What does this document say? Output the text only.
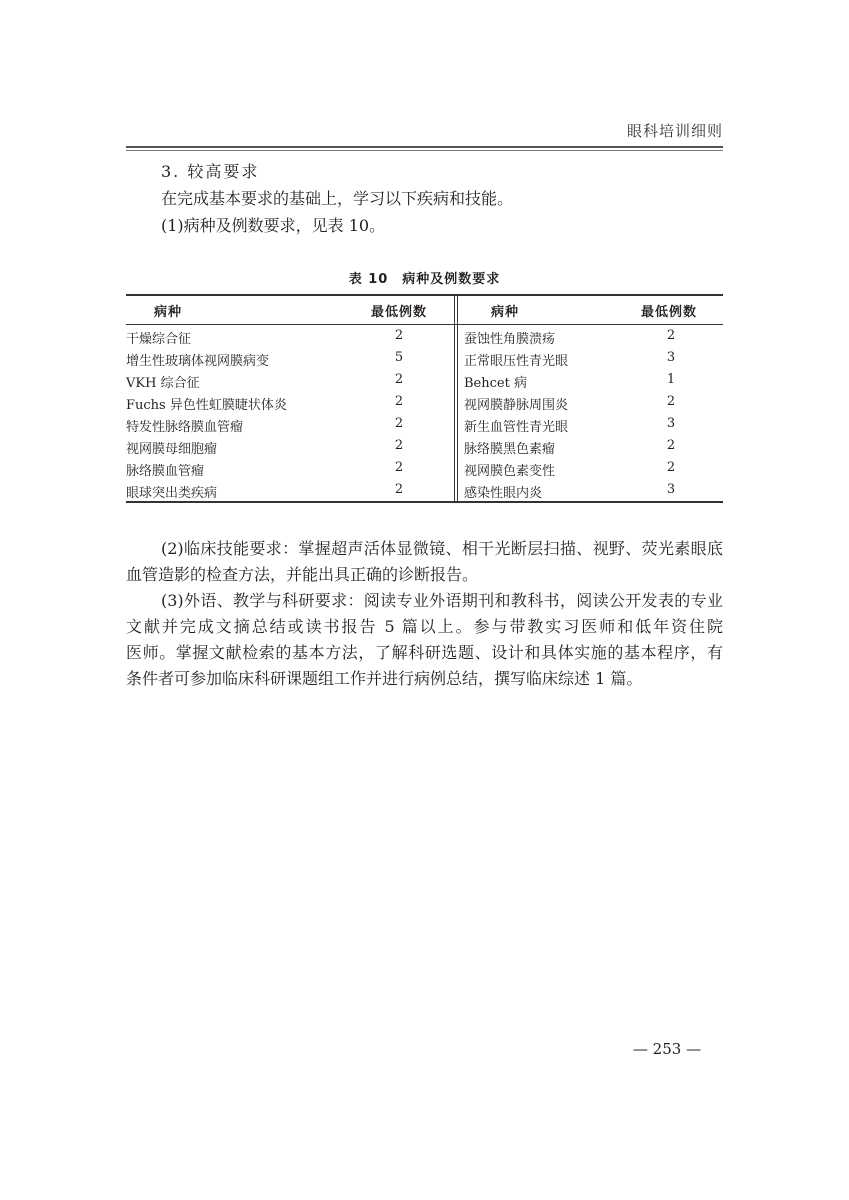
眼科培训细则
3. 较高要求
在完成基本要求的基础上，学习以下疾病和技能。
(1)病种及例数要求，见表 10。
表 10　病种及例数要求
病种	最低例数	病种	最低例数
干燥综合征	2	蚕蚀性角膜溃疡	2
增生性玻璃体视网膜病变	5	正常眼压性青光眼	3
VKH 综合征	2	Behcet 病	1
Fuchs 异色性虹膜睫状体炎	2	视网膜静脉周围炎	2
特发性脉络膜血管瘤	2	新生血管性青光眼	3
视网膜母细胞瘤	2	脉络膜黑色素瘤	2
脉络膜血管瘤	2	视网膜色素变性	2
眼球突出类疾病	2	感染性眼内炎	3
(2)临床技能要求：掌握超声活体显微镜、相干光断层扫描、视野、荧光素眼底
血管造影的检查方法，并能出具正确的诊断报告。
(3)外语、教学与科研要求：阅读专业外语期刊和教科书，阅读公开发表的专业
文献并完成文摘总结或读书报告 5 篇以上。参与带教实习医师和低年资住院
医师。掌握文献检索的基本方法，了解科研选题、设计和具体实施的基本程序，有
条件者可参加临床科研课题组工作并进行病例总结，撰写临床综述 1 篇。
— 253 —
